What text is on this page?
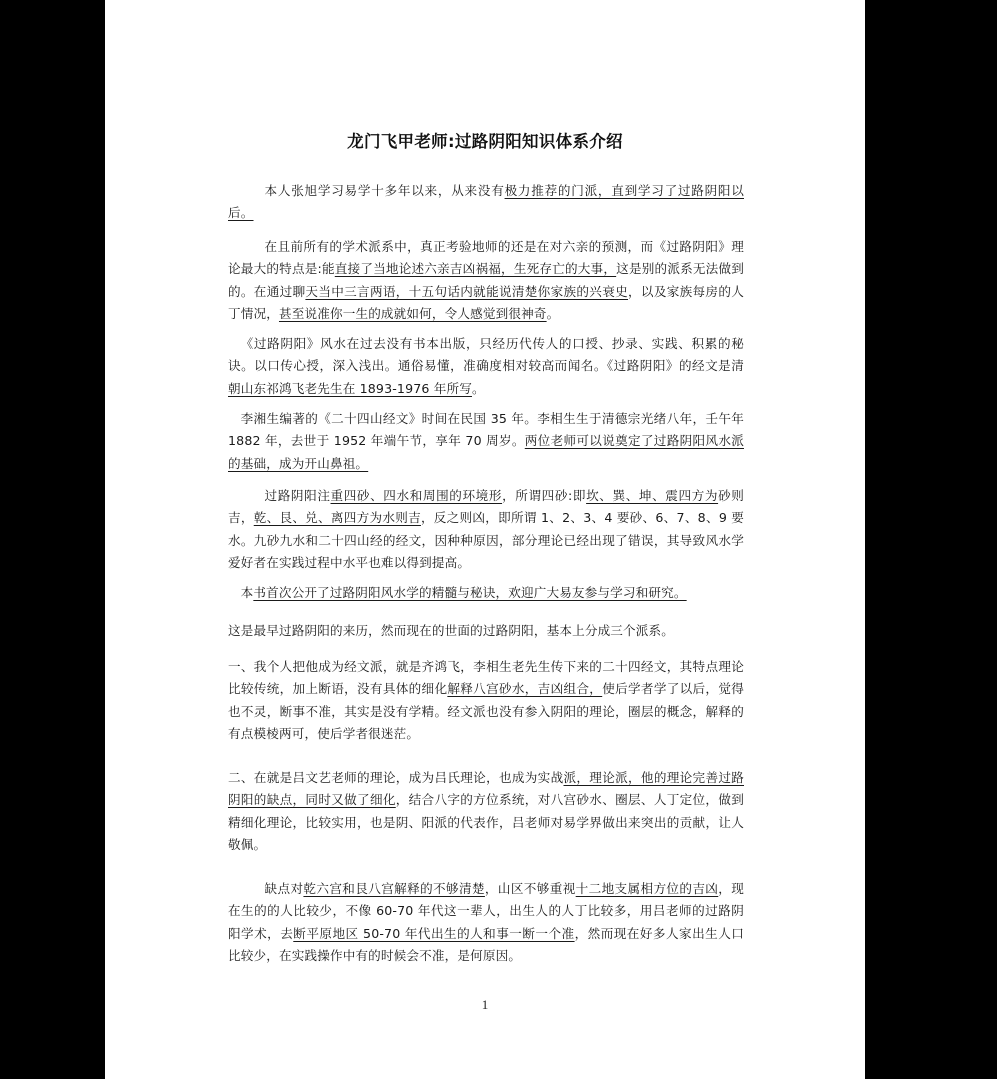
龙门飞甲老师:过路阴阳知识体系介绍
本人张旭学习易学十多年以来，从来没有极力推荐的门派，直到学习了过路阴阳以后。
在且前所有的学术派系中，真正考验地师的还是在对六亲的预测，而《过路阴阳》理论最大的特点是:能直接了当地论述六亲吉凶祸福，生死存亡的大事，这是别的派系无法做到的。在通过聊天当中三言两语，十五句话内就能说清楚你家族的兴衰史，以及家族每房的人丁情况，甚至说准你一生的成就如何，令人感觉到很神奇。
《过路阴阳》风水在过去没有书本出版，只经历代传人的口授、抄录、实践、积累的秘诀。以口传心授，深入浅出。通俗易懂，准确度相对较高而闻名。《过路阴阳》的经文是清朝山东祁鸿飞老先生在 1893-1976 年所写。
李湘生编著的《二十四山经文》时间在民国 35 年。李相生生于清德宗光绪八年，壬午年 1882 年，去世于 1952 年端午节，享年 70 周岁。两位老师可以说奠定了过路阴阳风水派的基础，成为开山鼻祖。
过路阴阳注重四砂、四水和周围的环境形，所谓四砂:即坎、巽、坤、震四方为砂则吉，乾、艮、兑、离四方为水则吉，反之则凶，即所谓 1、2、3、4 要砂、6、7、8、9 要水。九砂九水和二十四山经的经文，因种种原因，部分理论已经出现了错误，其导致风水学爱好者在实践过程中水平也难以得到提高。
本书首次公开了过路阴阳风水学的精髓与秘诀，欢迎广大易友参与学习和研究。
这是最早过路阴阳的来历，然而现在的世面的过路阴阳，基本上分成三个派系。
一、我个人把他成为经文派，就是齐鸿飞，李相生老先生传下来的二十四经文，其特点理论比较传统，加上断语，没有具体的细化解释八宫砂水，吉凶组合，使后学者学了以后，觉得也不灵，断事不准，其实是没有学精。经文派也没有参入阴阳的理论，圈层的概念，解释的有点模棱两可，使后学者很迷茫。
二、在就是吕文艺老师的理论，成为吕氏理论，也成为实战派，理论派，他的理论完善过路阴阳的缺点，同时又做了细化，结合八字的方位系统，对八宫砂水、圈层、人丁定位，做到精细化理论，比较实用，也是阴、阳派的代表作，吕老师对易学界做出来突出的贡献，让人敬佩。
缺点对乾六宫和艮八宫解释的不够清楚，山区不够重视十二地支属相方位的吉凶，现在生的的人比较少，不像 60-70 年代这一辈人，出生人的人丁比较多，用吕老师的过路阴阳学术，去断平原地区 50-70 年代出生的人和事一断一个准，然而现在好多人家出生人口比较少，在实践操作中有的时候会不准，是何原因。
1
